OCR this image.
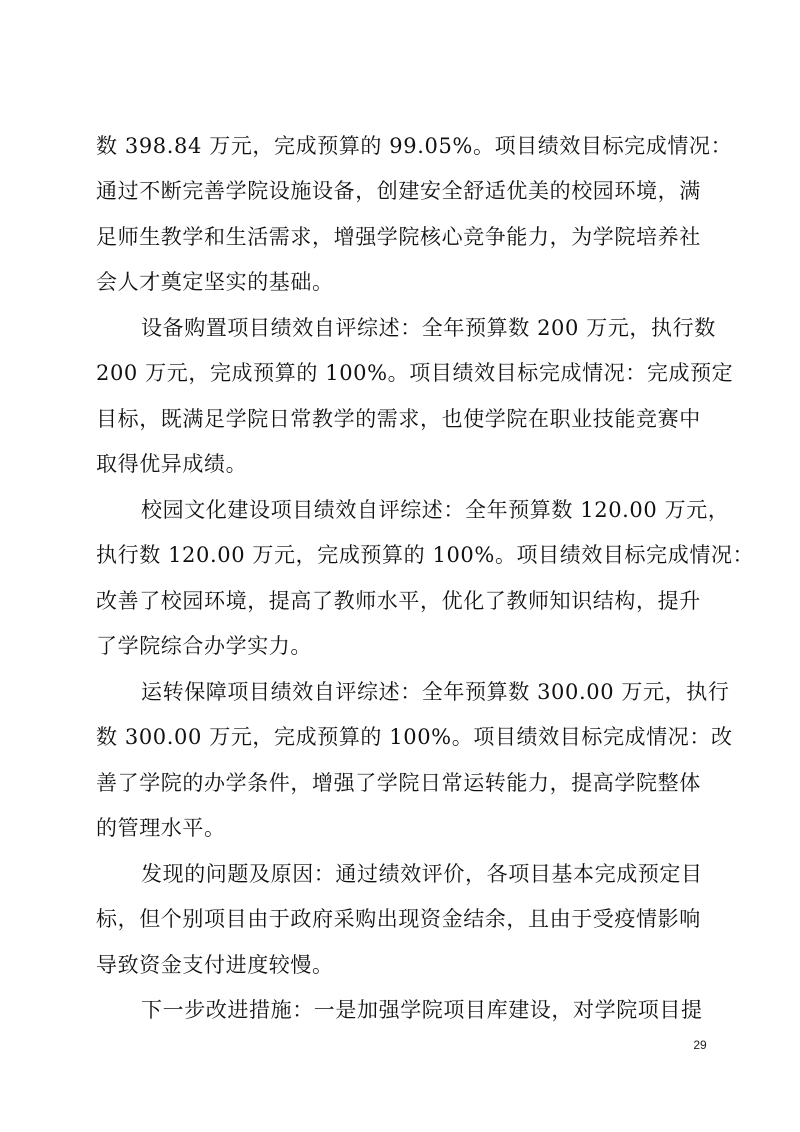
数 398.84 万元，完成预算的 99.05%。项目绩效目标完成情况：
通过不断完善学院设施设备，创建安全舒适优美的校园环境，满
足师生教学和生活需求，增强学院核心竞争能力，为学院培养社
会人才奠定坚实的基础。
设备购置项目绩效自评综述：全年预算数 200 万元，执行数
200 万元，完成预算的 100%。项目绩效目标完成情况：完成预定
目标，既满足学院日常教学的需求，也使学院在职业技能竞赛中
取得优异成绩。
校园文化建设项目绩效自评综述：全年预算数 120.00 万元，
执行数 120.00 万元，完成预算的 100%。项目绩效目标完成情况：
改善了校园环境，提高了教师水平，优化了教师知识结构，提升
了学院综合办学实力。
运转保障项目绩效自评综述：全年预算数 300.00 万元，执行
数 300.00 万元，完成预算的 100%。项目绩效目标完成情况：改
善了学院的办学条件，增强了学院日常运转能力，提高学院整体
的管理水平。
发现的问题及原因：通过绩效评价，各项目基本完成预定目
标，但个别项目由于政府采购出现资金结余，且由于受疫情影响
导致资金支付进度较慢。
下一步改进措施：一是加强学院项目库建设，对学院项目提
29
